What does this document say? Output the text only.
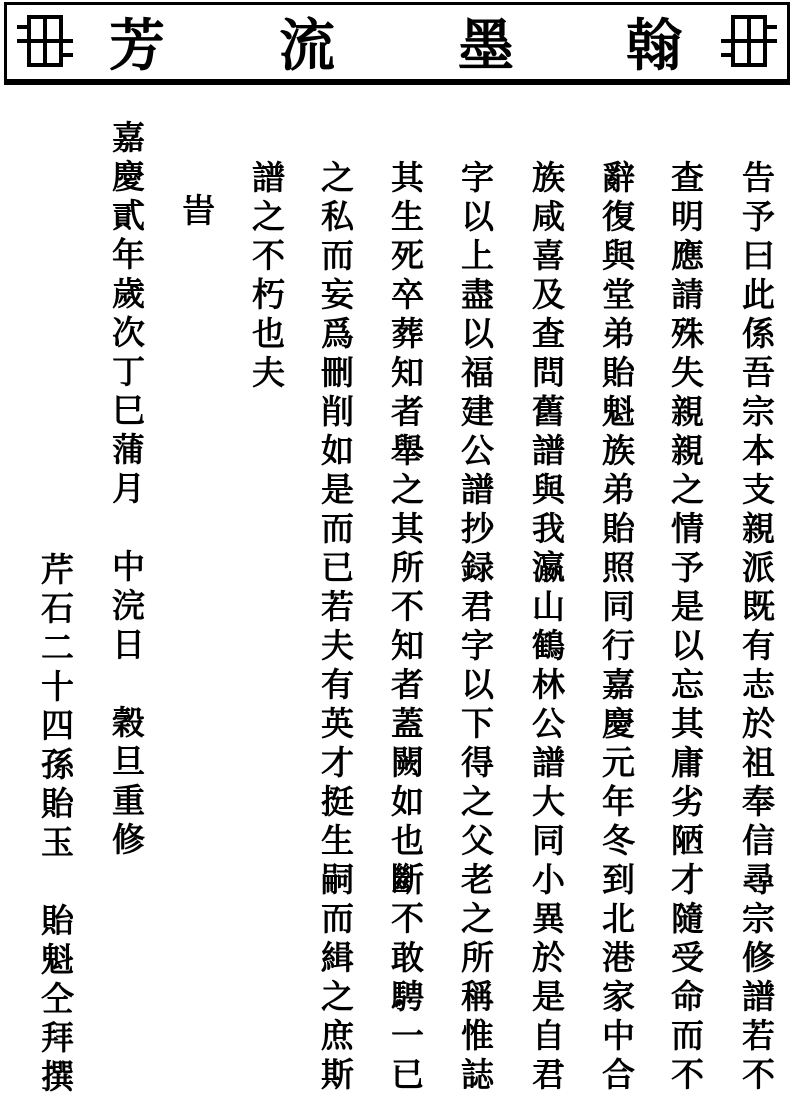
芳 流 墨 翰
告予曰此係吾宗本支親派既有志於祖奉信尋宗修譜若不
查明應請殊失親親之情予是以忘其庸劣陋才隨受命而不
辭復與堂弟貽魁族弟貽照同行嘉慶元年冬到北港家中合
族咸喜及查問舊譜與我瀛山鶴林公譜大同小異於是自君
字以上盡以福建公譜抄録君字以下得之父老之所稱惟誌
其生死卒葬知者舉之其所不知者蓋闕如也斷不敢騁一已
之私而妄爲刪削如是而已若夫有英才挺生嗣而緝之庶斯
譜之不朽也夫
旹
嘉慶貳年歲次丁巳蒲月　中浣日　穀旦重修
芹石二十四孫貽玉　貽魁仝拜撰
